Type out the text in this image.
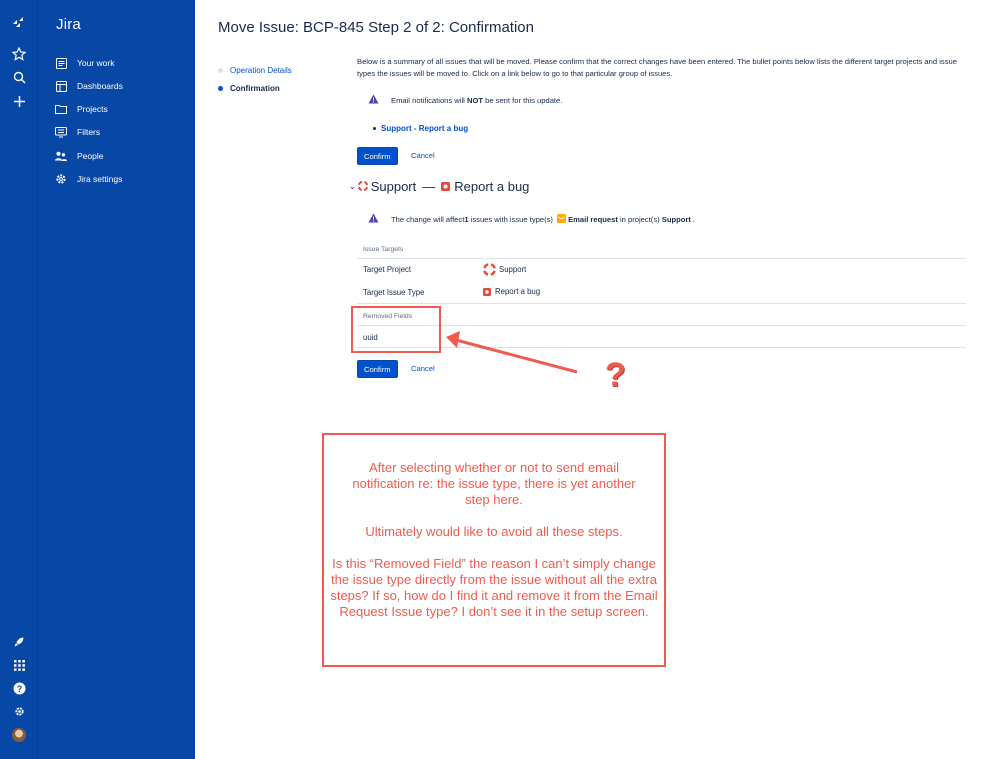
?
Jira
Your work
Dashboards
Projects
Filters
People
Jira settings
Move Issue: BCP-845 Step 2 of 2: Confirmation
Operation Details
Confirmation
Below is a summary of all issues that will be moved. Please confirm that the correct changes have been entered. The bullet points below lists the different target projects and issue types the issues will be moved to. Click on a link below to go to that particular group of issues.
Email notifications will NOT be sent for this update.
Support - Report a bug
Confirm	Cancel
⌄ Support — Report a bug
The change will affect 1 issues with issue type(s) Email request in project(s) Support .
Issue Targets
Target Project	Support
Target Issue Type	Report a bug
Removed Fields
uuid
Confirm	Cancel	?

After selecting whether or not to send email notification re: the issue type, there is yet another step here.

Ultimately would like to avoid all these steps.

Is this “Removed Field” the reason I can’t simply change the issue type directly from the issue without all the extra steps? If so, how do I find it and remove it from the Email Request Issue type? I don’t see it in the setup screen.
